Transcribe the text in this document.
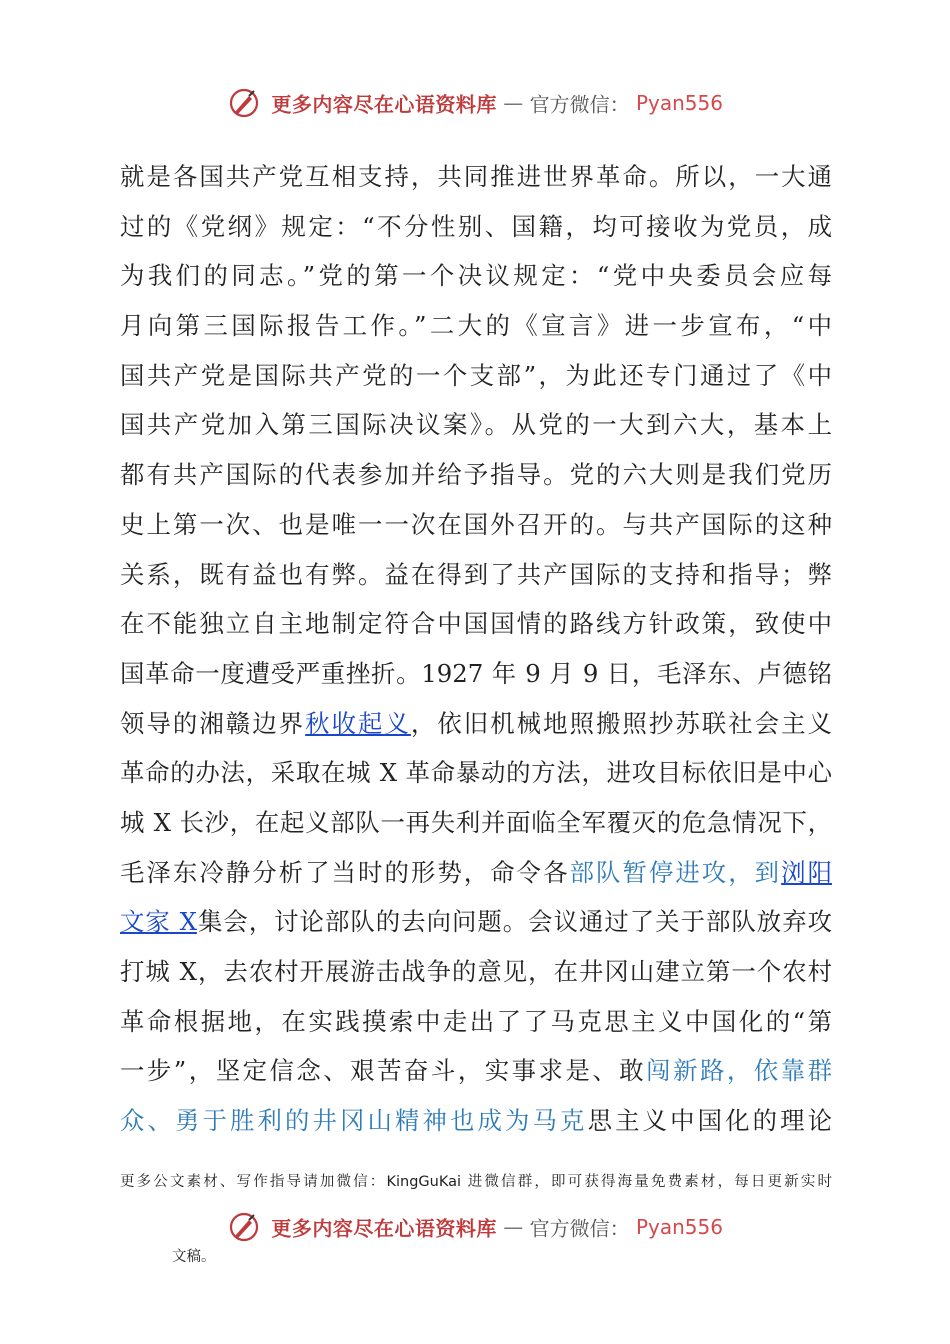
更多内容尽在心语资料库 — 官方微信： Pyan556
就是各国共产党互相支持，共同推进世界革命。所以，一大通
过的《党纲》规定：“不分性别、国籍，均可接收为党员，成
为我们的同志。”党的第一个决议规定：“党中央委员会应每
月向第三国际报告工作。”二大的《宣言》进一步宣布，“中
国共产党是国际共产党的一个支部”，为此还专门通过了《中
国共产党加入第三国际决议案》。从党的一大到六大，基本上
都有共产国际的代表参加并给予指导。党的六大则是我们党历
史上第一次、也是唯一一次在国外召开的。与共产国际的这种
关系，既有益也有弊。益在得到了共产国际的支持和指导；弊
在不能独立自主地制定符合中国国情的路线方针政策，致使中
国革命一度遭受严重挫折。1927 年 9 月 9 日，毛泽东、卢德铭
领导的湘赣边界秋收起义，依旧机械地照搬照抄苏联社会主义
革命的办法，采取在城 X 革命暴动的方法，进攻目标依旧是中心
城 X 长沙，在起义部队一再失利并面临全军覆灭的危急情况下，
毛泽东冷静分析了当时的形势，命令各部队暂停进攻，到浏阳
文家 X集会，讨论部队的去向问题。会议通过了关于部队放弃攻
打城 X，去农村开展游击战争的意见，在井冈山建立第一个农村
革命根据地，在实践摸索中走出了了马克思主义中国化的“第
一步”，坚定信念、艰苦奋斗，实事求是、敢闯新路，依靠群
众、勇于胜利的井冈山精神也成为马克思主义中国化的理论
更多公文素材、写作指导请加微信：KingGuKai 进微信群，即可获得海量免费素材，每日更新实时
更多内容尽在心语资料库 — 官方微信： Pyan556
文稿。
